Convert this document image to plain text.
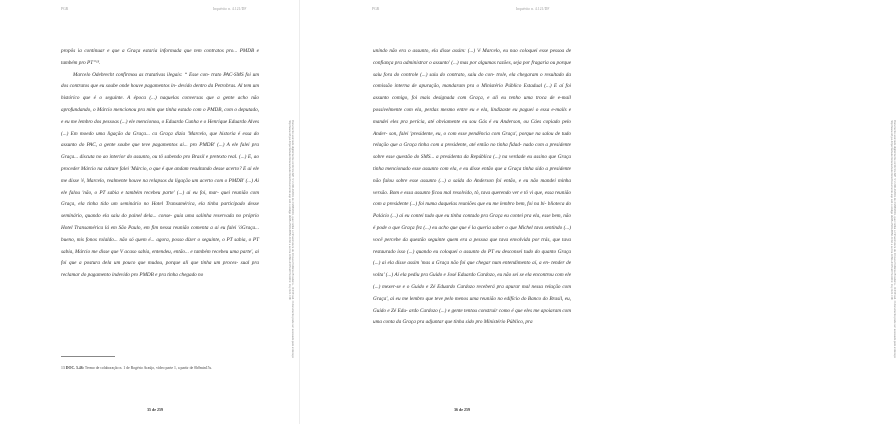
PGR	Inquérito n. 4.121/DF

propôs ia continuar e que a Graça estaria informada que tem contratos pro... PMDB e também pro PT”¹³.

Marcelo Odebrecht confirmou as tratativas ilegais: “ Esse con- trato PAC-SMS foi um dos contratos que eu soube onde houve pagamentos in- devido dentro da Petrobras. Al tem um histórico que é o seguinte. A época (...) naquelas conversas que a gente acho não aprofundando, o Márcio mencionou pra mim que tinha estado com o PMDB, com o deputado, e eu me lembro dos pessoas (...) ele mencionou, o Eduardo Cunha e o Henrique Eduardo Alves (...) Em moedo uma ligação da Graça... ca Graça dizia 'Marcelo, que historia é essa do assunto do PAC, a gente soube que teve pagamentos ai... pro PMDB' (...) A ele falei pra Graça... discuta no ao interior do assunto, ou tô sabendo pro Brasil e pretexto real. (...) E, ao proceder Márcio na culture falei 'Márcio, o que é que andam resultando desse acerto? E ai ele me disse 'é, Marcelo, realmente houve na relapsos da ligação um acerto com o PMDB' (...) Ai ele falou 'não, o PT sabia e também recebeu parte' (...) ai eu foi, mar- quei reunião com Graça, ela tinha tido um seminário no Hotel Transamérica, ela tinha participado desse seminário, quando ela saiu do painel dela... conse- guia uma salinha reservada no próprio Hotel Transamérica lá em São Paulo, em fim nessa reunião comenta a ai eu falei 'óGraça... bueno, mis fonos rolaldo... não só quem é... agora, posso dizer o seguinte, o PT sabia, o PT sabia, Márcio me disse que V acaso sabia, entendeu, então... e também recebeu uma parte', ai foi que a postura dela um pouco que mudou, porque ali que tinha um proces- sual pra reclamar do pagamento indevido pro PMDB e pra tinha chegado no

13 DOC. 5.46: Termo de colaboração n. 1 de Rogério Araújo, vídeo parte 1, a partir de 0h0min15s.
35 de 259
Documento assinado digitalmente conforme MP nº 2.200-2/2001 de 24/08/2001, que institui a Infraestrutura de Chaves Públicas Brasileira - ICP-Brasil. O documento pode ser acessado pelo endereço http://www.stf.jus.br/portal/autenticacao/autenticarDocumento.asp sob o código 3E8B-A5F9-8B50-4F62 e senha 1D9A-64F5-ED73-62F2. Inq 4121 / DF
PGR	Inquérito n. 4.121/DF

unindo não era o assunto, ela disse assim: (...) 'é Marcelo, eu nao coloquei esse pessoa de confiança pra administrar o assunto' (...) mas por algumas razões, seja por fragaria ou porque saiu fora do controle (...) saiu do contrato, saiu do con- trole, ela chegaram o resultado da comissão interna de apuração, mandaram pra o Ministério Público Estadual (...) E aí foi assunto comigo, foi mais designada com Graça, e ali eu tenho uma troca de e-mail possivelmente com ela, perdas mesmo entre eu e ela, lindizaste eu paguei o essa e-mails e mandei eles pra perícia, até obviamente eu sou Gás é eu Anderson, ou Cáes copiado pelo Ander- son, falei 'presidente, eu, o com esse pendência com Graça', porque na salou de tudo relação que a Graça tinha com a presidente, até então no tinha fidad- nado com a presidente sobre esse questão do SMS... a presidenta da República (...) na verdade eu assino que Graça tinha mencionado esse assunto com ela, e eu disse então que a Graça tinha sido a presidente não falou sobre esse assunto (...) a saída do Anderson foi então, e eu não mandei minha versão. Bom e essa assunto ficou mal resolvido, tô, tava querendo ver e tô vi que, essa reunião com a presidente (...) foi numa daquelas reuniões que eu me lembro bem, foi na bi- blioteca do Palácio (...) ai eu contei tudo que eu tinha contado pra Graça eu contei pra ela, esse bem, não é pode o que Graça fez (...) eu acho que que é la queria saber o que Michel tava sentindo (...) você percebe da questão seguinte quem era a pessoa que tava envolvida por trás, que tava restaurado isso (...) quando eu coloquei o assunto do PT eu desconsei tudo do quanto Graça (...) ai ela disse assim 'mas a Graça não foi que chegar num entendimento aí, a en- tender de volta' (...) Aí ela pediu pra Guido e José Eduardo Cardozo, eu não sei se ela encontrou com ele (...) mexer-se e o Guido e Zé Eduardo Cardozo receberá pra apurar mal nessa relação com Graça', ai eu me lembro que teve pelo menos uma reunião no edifício do Banco do Brasil, eu, Guido e Zé Edu- ardo Cardozo (...) e gente tentou construir como é que eles me apoiaram com uma conta da Graça pra adjuntar que tinha sido pro Ministério Público, pra

36 de 259
Documento assinado digitalmente conforme MP nº 2.200-2/2001 de 24/08/2001, que institui a Infraestrutura de Chaves Públicas Brasileira - ICP-Brasil. O documento pode ser acessado pelo endereço http://www.stf.jus.br/portal/autenticacao/autenticarDocumento.asp sob o código 3E8B-A5F9-8B50-4F62 e senha 1D9A-64F5-ED73-62F2. Inq 4121 / DF
